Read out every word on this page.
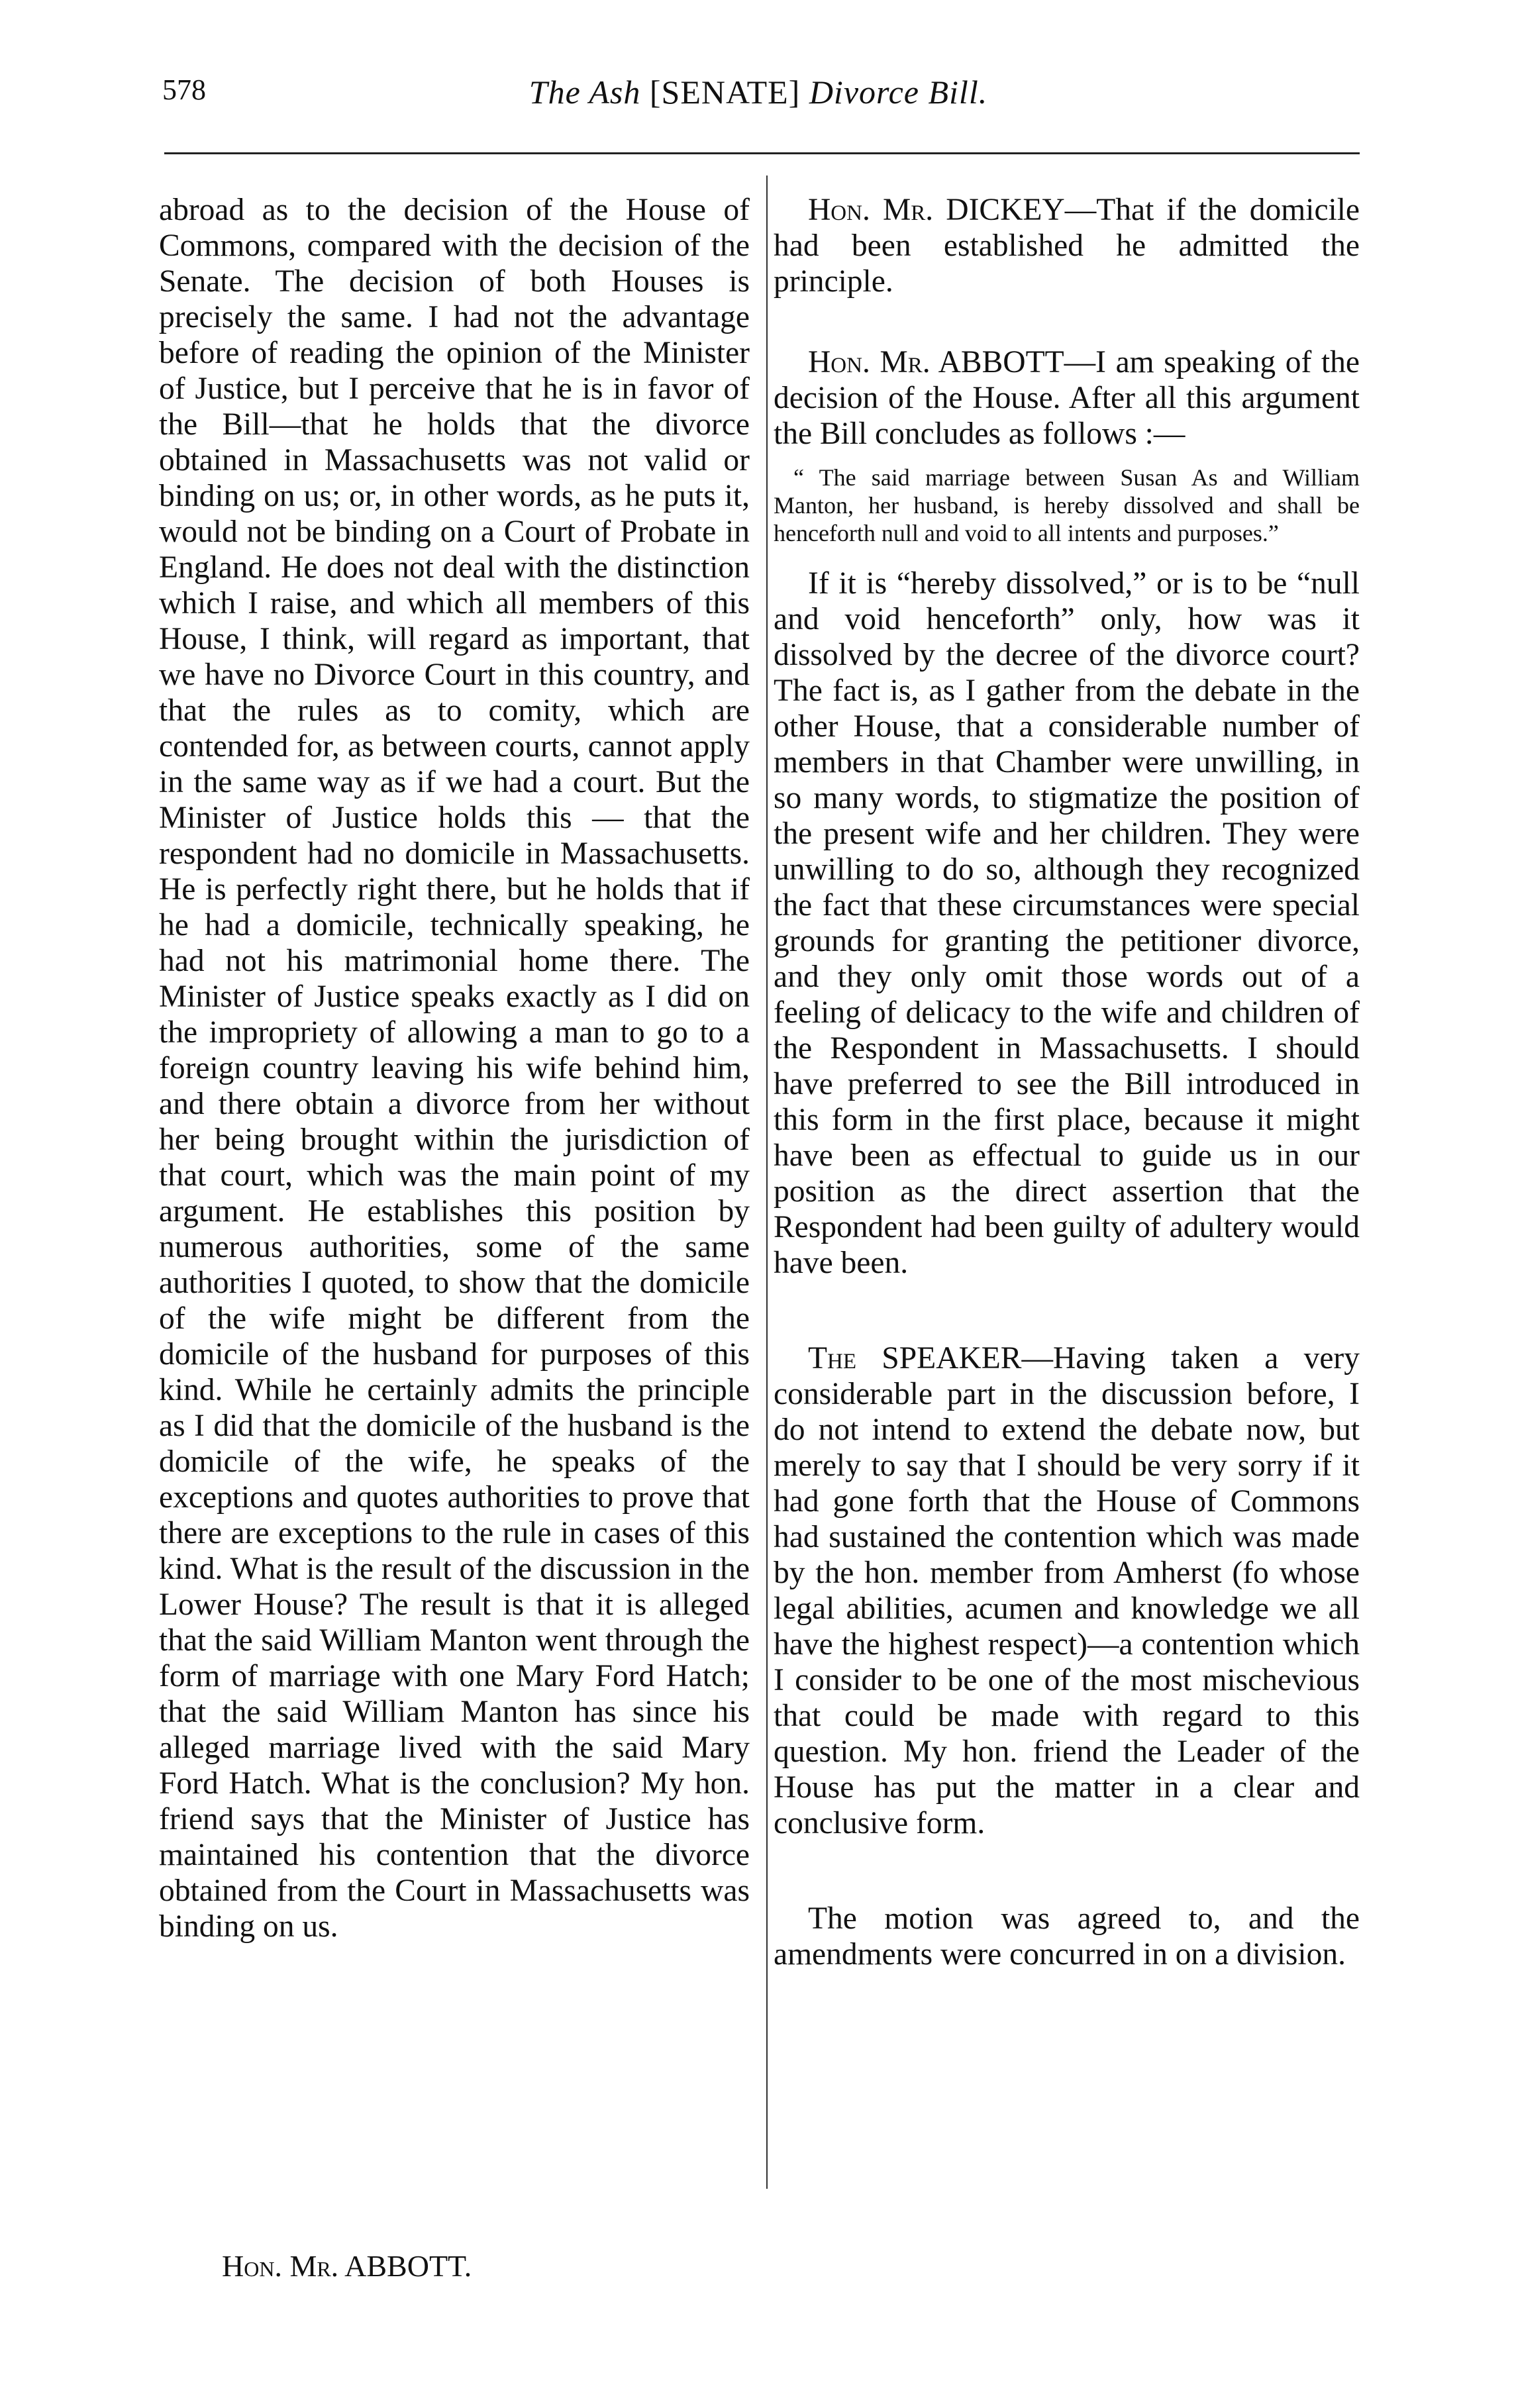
578	The Ash [SENATE] Divorce Bill.

abroad as to the decision of the House of Commons, compared with the decision of the Senate. The decision of both Houses is precisely the same. I had not the advantage before of reading the opinion of the Minister of Justice, but I perceive that he is in favor of the Bill—that he holds that the divorce obtained in Massachusetts was not valid or binding on us; or, in other words, as he puts it, would not be binding on a Court of Probate in England. He does not deal with the distinction which I raise, and which all members of this House, I think, will regard as important, that we have no Divorce Court in this country, and that the rules as to comity, which are contended for, as between courts, cannot apply in the same way as if we had a court. But the Minister of Justice holds this — that the respondent had no domicile in Massachusetts. He is perfectly right there, but he holds that if he had a domicile, technically speaking, he had not his matrimonial home there. The Minister of Justice speaks exactly as I did on the impropriety of allowing a man to go to a foreign country leaving his wife behind him, and there obtain a divorce from her without her being brought within the jurisdiction of that court, which was the main point of my argument. He establishes this position by numerous authorities, some of the same authorities I quoted, to show that the domicile of the wife might be different from the domicile of the husband for purposes of this kind. While he certainly admits the principle as I did that the domicile of the husband is the domicile of the wife, he speaks of the exceptions and quotes authorities to prove that there are exceptions to the rule in cases of this kind. What is the result of the discussion in the Lower House? The result is that it is alleged that the said William Manton went through the form of marriage with one Mary Ford Hatch; that the said William Manton has since his alleged marriage lived with the said Mary Ford Hatch. What is the conclusion? My hon. friend says that the Minister of Justice has maintained his contention that the divorce obtained from the Court in Massachusetts was binding on us.

Hon. Mr. DICKEY—That if the domicile had been established he admitted the principle.

Hon. Mr. ABBOTT—I am speaking of the decision of the House. After all this argument the Bill concludes as follows :—

“ The said marriage between Susan As and William Manton, her husband, is hereby dissolved and shall be henceforth null and void to all intents and purposes.”

If it is “hereby dissolved,” or is to be “null and void henceforth” only, how was it dissolved by the decree of the divorce court? The fact is, as I gather from the debate in the other House, that a considerable number of members in that Chamber were unwilling, in so many words, to stigmatize the position of the present wife and her children. They were unwilling to do so, although they recognized the fact that these circumstances were special grounds for granting the petitioner divorce, and they only omit those words out of a feeling of delicacy to the wife and children of the Respondent in Massachusetts. I should have preferred to see the Bill introduced in this form in the first place, because it might have been as effectual to guide us in our position as the direct assertion that the Respondent had been guilty of adultery would have been.

The SPEAKER—Having taken a very considerable part in the discussion before, I do not intend to extend the debate now, but merely to say that I should be very sorry if it had gone forth that the House of Commons had sustained the contention which was made by the hon. member from Amherst (fo whose legal abilities, acumen and knowledge we all have the highest respect)—a contention which I consider to be one of the most mischevious that could be made with regard to this question. My hon. friend the Leader of the House has put the matter in a clear and conclusive form.

The motion was agreed to, and the amendments were concurred in on a division.

Hon. Mr. ABBOTT.
